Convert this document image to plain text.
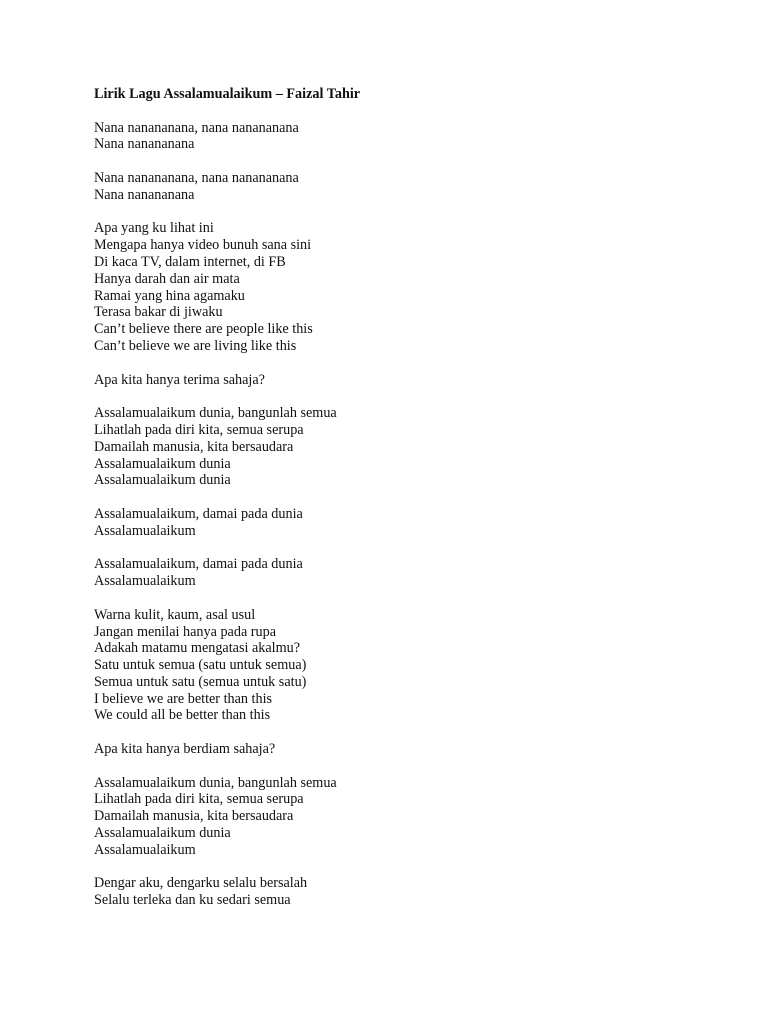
Lirik Lagu Assalamualaikum – Faizal Tahir
Nana nanananana, nana nanananana
Nana nanananana
Nana nanananana, nana nanananana
Nana nanananana
Apa yang ku lihat ini
Mengapa hanya video bunuh sana sini
Di kaca TV, dalam internet, di FB
Hanya darah dan air mata
Ramai yang hina agamaku
Terasa bakar di jiwaku
Can’t believe there are people like this
Can’t believe we are living like this
Apa kita hanya terima sahaja?
Assalamualaikum dunia, bangunlah semua
Lihatlah pada diri kita, semua serupa
Damailah manusia, kita bersaudara
Assalamualaikum dunia
Assalamualaikum dunia
Assalamualaikum, damai pada dunia
Assalamualaikum
Assalamualaikum, damai pada dunia
Assalamualaikum
Warna kulit, kaum, asal usul
Jangan menilai hanya pada rupa
Adakah matamu mengatasi akalmu?
Satu untuk semua (satu untuk semua)
Semua untuk satu (semua untuk satu)
I believe we are better than this
We could all be better than this
Apa kita hanya berdiam sahaja?
Assalamualaikum dunia, bangunlah semua
Lihatlah pada diri kita, semua serupa
Damailah manusia, kita bersaudara
Assalamualaikum dunia
Assalamualaikum
Dengar aku, dengarku selalu bersalah
Selalu terleka dan ku sedari semua
